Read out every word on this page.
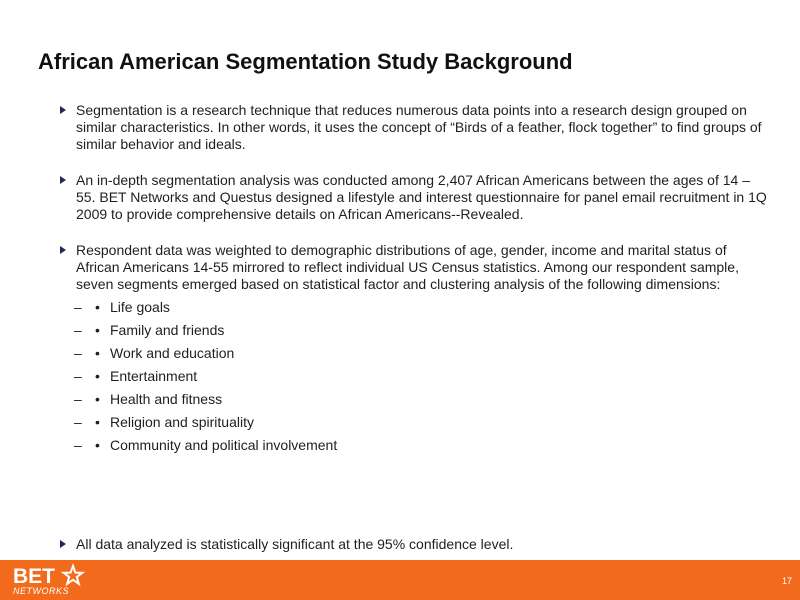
African American Segmentation Study Background
Segmentation is a research technique that reduces numerous data points into a research design grouped on similar characteristics. In other words, it uses the concept of “Birds of a feather, flock together” to find groups of similar behavior and ideals.
An in-depth segmentation analysis was conducted among 2,407 African Americans between the ages of 14 – 55. BET Networks and Questus designed a lifestyle and interest questionnaire for panel email recruitment in 1Q 2009 to provide comprehensive details on African Americans--Revealed.
Respondent data was weighted to demographic distributions of age, gender, income and marital status of African Americans 14-55 mirrored to reflect individual US Census statistics. Among our respondent sample, seven segments emerged based on statistical factor and clustering analysis of the following dimensions:
– • Life goals
– • Family and friends
– • Work and education
– • Entertainment
– • Health and fitness
– • Religion and spirituality
– • Community and political involvement
All data analyzed is statistically significant at the 95% confidence level.
BET
NETWORKS
17
